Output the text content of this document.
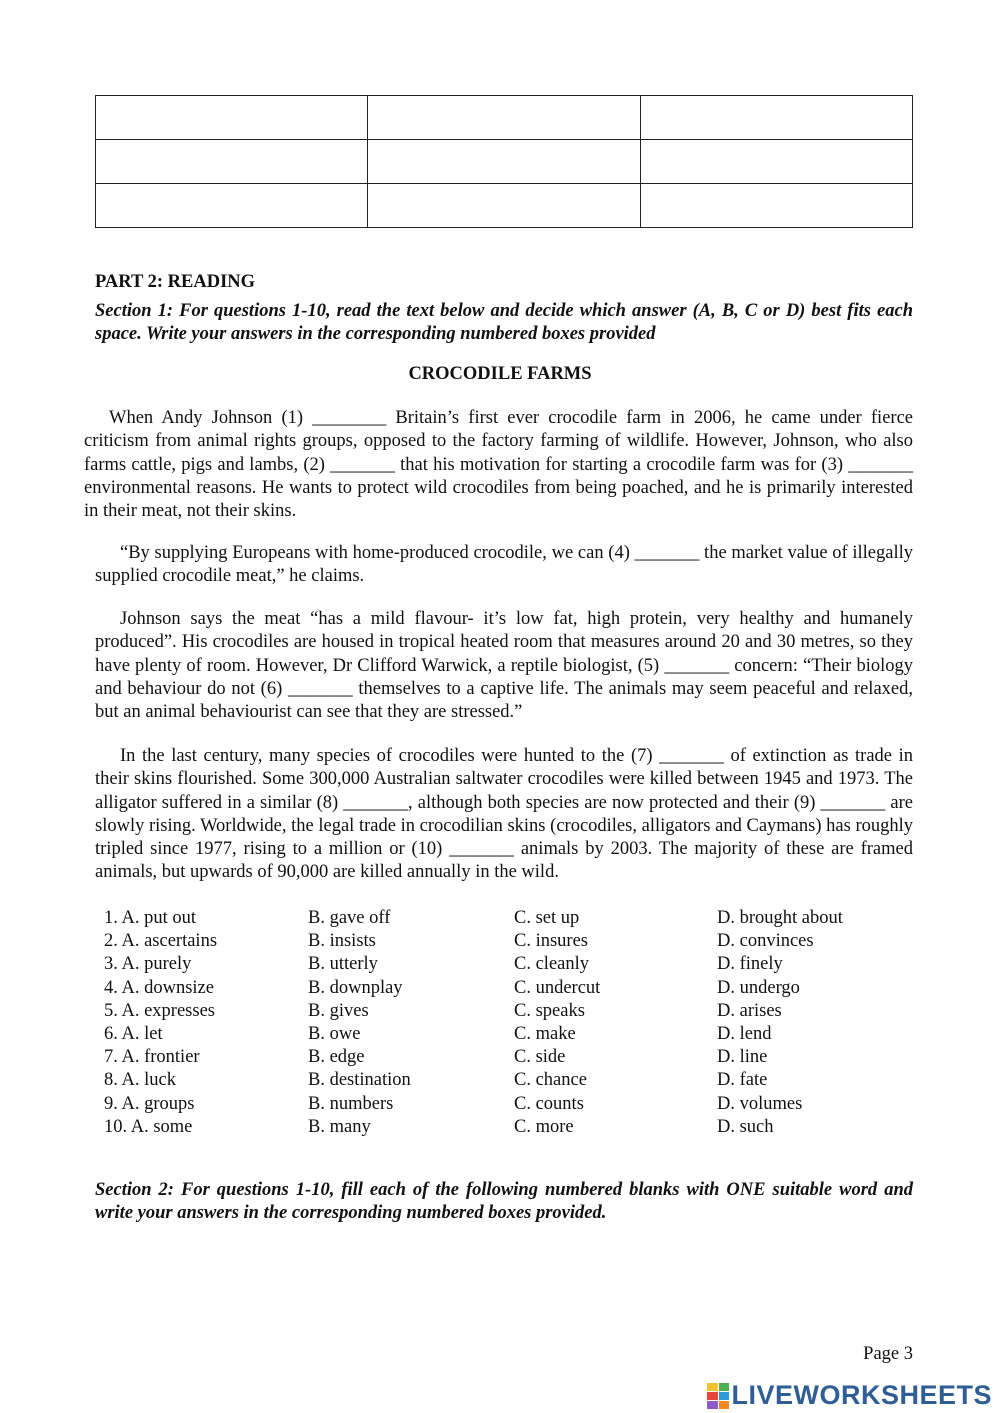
PART 2: READING
Section 1: For questions 1-10, read the text below and decide which answer (A, B, C or D) best fits each space. Write your answers in the corresponding numbered boxes provided
CROCODILE FARMS

When Andy Johnson (1) ________ Britain’s first ever crocodile farm in 2006, he came under fierce criticism from animal rights groups, opposed to the factory farming of wildlife. However, Johnson, who also farms cattle, pigs and lambs, (2) _______ that his motivation for starting a crocodile farm was for (3) _______ environmental reasons. He wants to protect wild crocodiles from being poached, and he is primarily interested in their meat, not their skins.

“By supplying Europeans with home-produced crocodile, we can (4) _______ the market value of illegally supplied crocodile meat,” he claims.

Johnson says the meat “has a mild flavour- it’s low fat, high protein, very healthy and humanely produced”. His crocodiles are housed in tropical heated room that measures around 20 and 30 metres, so they have plenty of room. However, Dr Clifford Warwick, a reptile biologist, (5) _______ concern: “Their biology and behaviour do not (6) _______ themselves to a captive life. The animals may seem peaceful and relaxed, but an animal behaviourist can see that they are stressed.”

In the last century, many species of crocodiles were hunted to the (7) _______ of extinction as trade in their skins flourished. Some 300,000 Australian saltwater crocodiles were killed between 1945 and 1973. The alligator suffered in a similar (8) _______, although both species are now protected and their (9) _______ are slowly rising. Worldwide, the legal trade in crocodilian skins (crocodiles, alligators and Caymans) has roughly tripled since 1977, rising to a million or (10) _______ animals by 2003. The majority of these are framed animals, but upwards of 90,000 are killed annually in the wild.

1. A. put out	B. gave off	C. set up	D. brought about
2. A. ascertains	B. insists	C. insures	D. convinces
3. A. purely	B. utterly	C. cleanly	D. finely
4. A. downsize	B. downplay	C. undercut	D. undergo
5. A. expresses	B. gives	C. speaks	D. arises
6. A. let	B. owe	C. make	D. lend
7. A. frontier	B. edge	C. side	D. line
8. A. luck	B. destination	C. chance	D. fate
9. A. groups	B. numbers	C. counts	D. volumes
10. A. some	B. many	C. more	D. such
Section 2: For questions 1-10, fill each of the following numbered blanks with ONE suitable word and write your answers in the corresponding numbered boxes provided.
Page 3
LIVEWORKSHEETS
